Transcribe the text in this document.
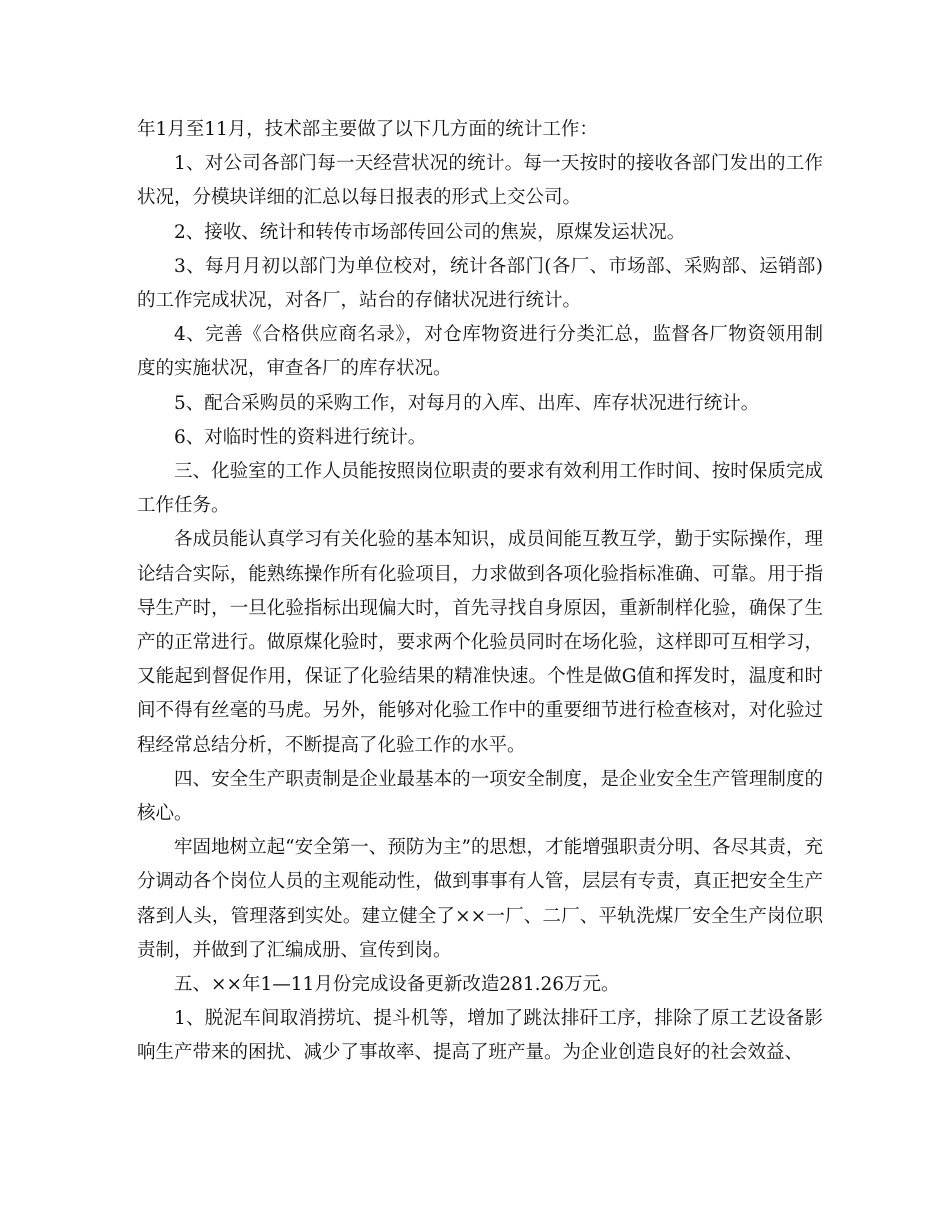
年1月至11月，技术部主要做了以下几方面的统计工作：

1、对公司各部门每一天经营状况的统计。每一天按时的接收各部门发出的工作状况，分模块详细的汇总以每日报表的形式上交公司。

2、接收、统计和转传市场部传回公司的焦炭，原煤发运状况。

3、每月月初以部门为单位校对，统计各部门(各厂、市场部、采购部、运销部)的工作完成状况，对各厂，站台的存储状况进行统计。

4、完善《合格供应商名录》，对仓库物资进行分类汇总，监督各厂物资领用制度的实施状况，审查各厂的库存状况。

5、配合采购员的采购工作，对每月的入库、出库、库存状况进行统计。

6、对临时性的资料进行统计。

三、化验室的工作人员能按照岗位职责的要求有效利用工作时间、按时保质完成工作任务。

各成员能认真学习有关化验的基本知识，成员间能互教互学，勤于实际操作，理论结合实际，能熟练操作所有化验项目，力求做到各项化验指标准确、可靠。用于指导生产时，一旦化验指标出现偏大时，首先寻找自身原因，重新制样化验，确保了生产的正常进行。做原煤化验时，要求两个化验员同时在场化验，这样即可互相学习，又能起到督促作用，保证了化验结果的精准快速。个性是做G值和挥发时，温度和时间不得有丝毫的马虎。另外，能够对化验工作中的重要细节进行检查核对，对化验过程经常总结分析，不断提高了化验工作的水平。

四、安全生产职责制是企业最基本的一项安全制度，是企业安全生产管理制度的核心。

牢固地树立起“安全第一、预防为主”的思想，才能增强职责分明、各尽其责，充分调动各个岗位人员的主观能动性，做到事事有人管，层层有专责，真正把安全生产落到人头，管理落到实处。建立健全了××一厂、二厂、平轨洗煤厂安全生产岗位职责制，并做到了汇编成册、宣传到岗。

五、××年1—11月份完成设备更新改造281.26万元。

1、脱泥车间取消捞坑、提斗机等，增加了跳汰排矸工序，排除了原工艺设备影响生产带来的困扰、减少了事故率、提高了班产量。为企业创造良好的社会效益、
